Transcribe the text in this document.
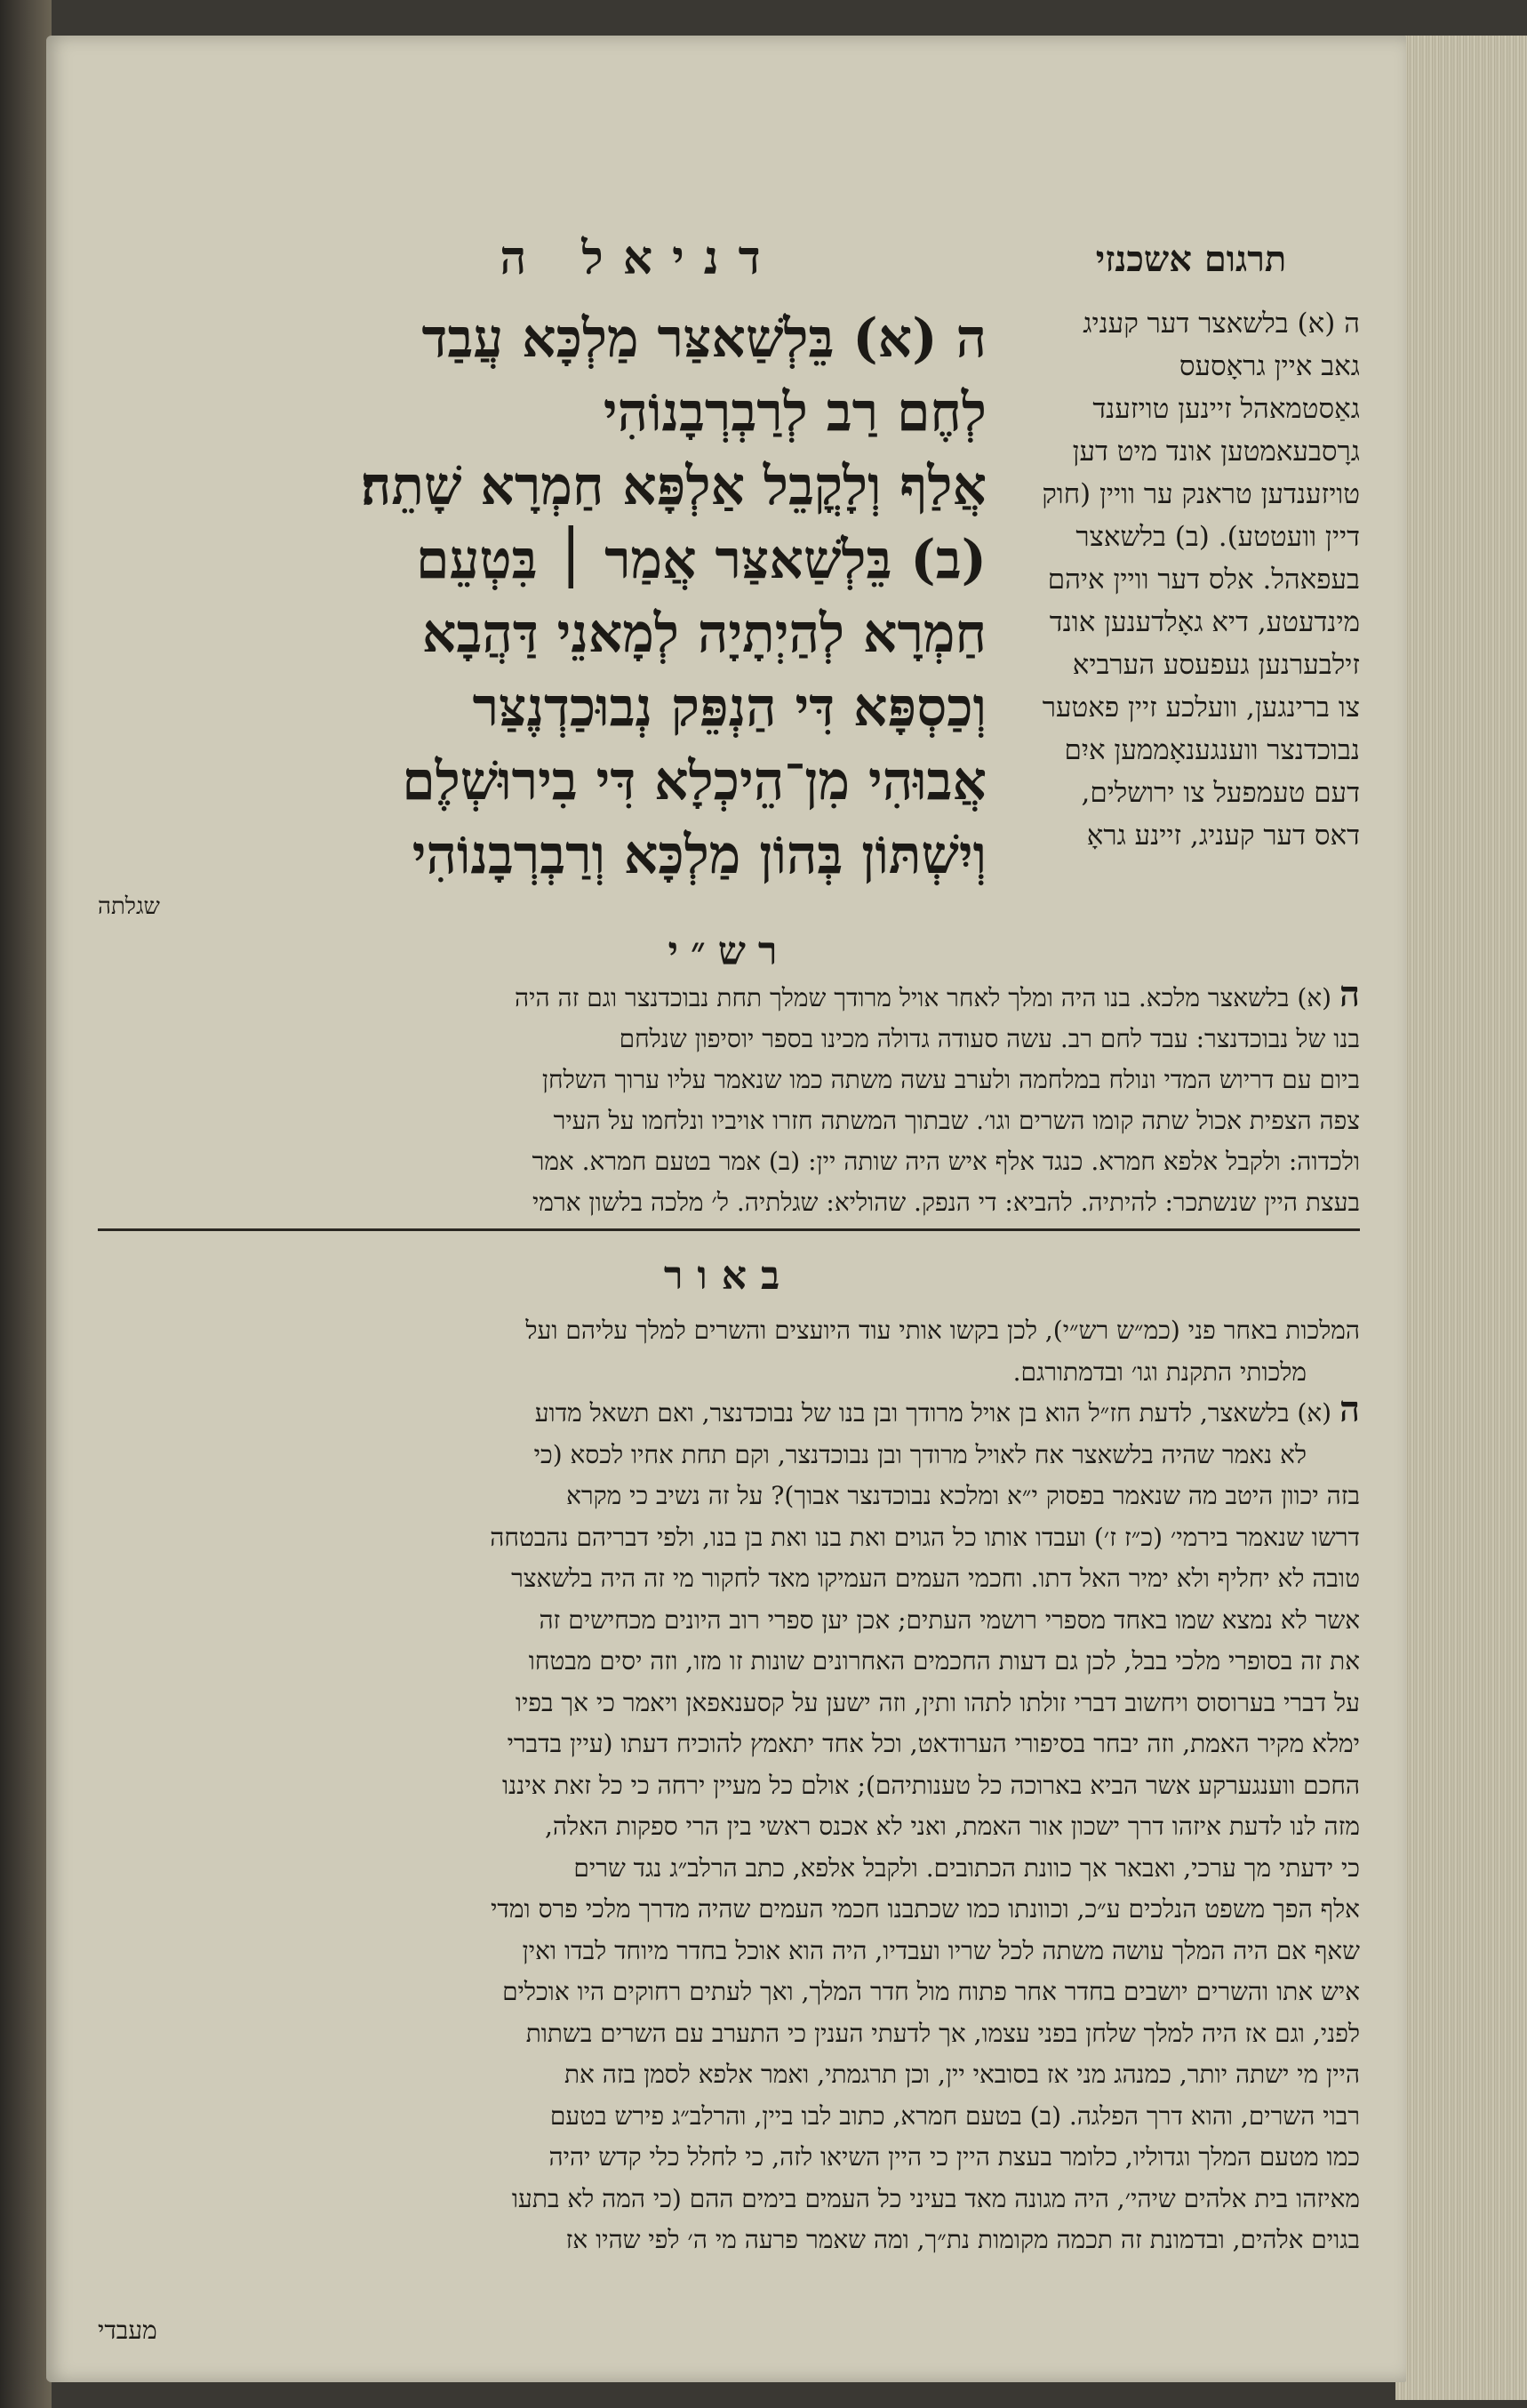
דניאל ה	תרגום אשכנזי
ה (א) בֵּלְשַׁאצַּר מַלְכָּא עֲבַד
לְחֶם רַב לְרַבְרְבָנוֹהִי
אֲלַף וְלָקֳבֵל אַלְפָּא חַמְרָא שָׁתֵה׃
(ב) בֵּלְשַׁאצַּר אֲמַר ׀ בִּטְעֵם
חַמְרָא לְהַיְתָיָה לְמָאנֵי דַּהֲבָא
וְכַסְפָּא דִּי הַנְפֵּק נְבוּכַדְנֶצַּר
אֲבוּהִי מִן־הֵיכְלָא דִּי בִירוּשְׁלֶם
וְיִשְׁתּוֹן בְּהוֹן מַלְכָּא וְרַבְרְבָנוֹהִי
שגלתה
ה (א) בלשאצר דער קעניג
גאב איין גראָסעס
גאַסטמאהל זיינען טויזענד
גרָסבעאמטען אונד מיט דען
טויזענדען טראנק ער וויין (חוק
דיין וועטטע). (ב) בלשאצר
בעפאהל. אלס דער וויין איהם
מינדעטע, דיא גאָלדענען אונד
זילבערנען געפעסע הערביא
צו ברינגען, וועלכע זיין פאטער
נבוכדנצר ווענגענאָממען איִם
דעם טעמפעל צו ירושלים,
דאס דער קעניג, זיינע גראָ
רש״י
ה (א) בלשאצר מלכא. בנו היה ומלך לאחר אויל מרודך שמלך תחת נבוכדנצר וגם זה היה
בנו של נבוכדנצר: עבד לחם רב. עשה סעודה גדולה מכינו בספר יוסיפון שנלחם
ביום עם דריוש המדי ונולח במלחמה ולערב עשה משתה כמו שנאמר עליו ערוך השלחן
צפה הצפית אכול שתה קומו השרים וגו׳. שבתוך המשתה חזרו אויביו ונלחמו על העיר
ולכדוה: ולקבל אלפא חמרא. כנגד אלף איש היה שותה יין: (ב) אמר בטעם חמרא. אמר
בעצת היין שנשתכר: להיתיה. להביא: די הנפק. שהוליא: שגלתיה. ל׳ מלכה בלשון ארמי
באור
המלכות באחר פני (כמ״ש רש״י), לכן בקשו אותי עוד היועצים והשרים למלך עליהם ועל
מלכותי התקנת וגו׳ ובדמתורגם.
ה (א) בלשאצר, לדעת חז״ל הוא בן אויל מרודך ובן בנו של נבוכדנצר, ואם תשאל מדוע
לא נאמר שהיה בלשאצר אח לאויל מרודך ובן נבוכדנצר, וקם תחת אחיו לכסא (כי
בזה יכוון היטב מה שנאמר בפסוק י״א ומלכא נבוכדנצר אבוך)? על זה נשיב כי מקרא
דרשו שנאמר בירמי׳ (כ״ז ז׳) ועבדו אותו כל הגוים ואת בנו ואת בן בנו, ולפי דבריהם נהבטחה
טובה לא יחליף ולא ימיר האל דתו. וחכמי העמים העמיקו מאד לחקור מי זה היה בלשאצר
אשר לא נמצא שמו באחד מספרי רושמי העתים; אכן יען ספרי רוב היונים מכחישים זה
את זה בסופרי מלכי בבל, לכן גם דעות החכמים האחרונים שונות זו מזו, וזה יסים מבטחו
על דברי בערוסוס ויחשוב דברי זולתו לתהו ותין, וזה ישען על קסענאפאן ויאמר כי אך בפיו
ימלא מקיר האמת, וזה יבחר בסיפורי הערודאט, וכל אחד יתאמץ להוכיח דעתו (עיין בדברי
החכם ווענגערקע אשר הביא בארוכה כל טענותיהם); אולם כל מעיין ירחה כי כל זאת איננו
מזה לנו לדעת איזהו דרך ישכון אור האמת, ואני לא אכנס ראשי בין הרי ספקות האלה,
כי ידעתי מך ערכי, ואבאר אך כוונת הכתובים. ולקבל אלפא, כתב הרלב״ג נגד שרים
אלף הפך משפט הנלכים ע״כ, וכוונתו כמו שכתבנו חכמי העמים שהיה מדרך מלכי פרס ומדי
שאף אם היה המלך עושה משתה לכל שריו ועבדיו, היה הוא אוכל בחדר מיוחד לבדו ואין
איש אתו והשרים יושבים בחדר אחר פתוח מול חדר המלך, ואך לעתים רחוקים היו אוכלים
לפני, וגם אז היה למלך שלחן בפני עצמו, אך לדעתי הענין כי התערב עם השרים בשתות
היין מי ישתה יותר, כמנהג מני אז בסובאי יין, וכן תרגמתי, ואמר אלפא לסמן בזה את
רבוי השרים, והוא דרך הפלגה. (ב) בטעם חמרא, כתוב לבו ביין, והרלב״ג פירש בטעם
כמו מטעם המלך וגדוליו, כלומר בעצת היין כי היין השיאו לזה, כי לחלל כלי קדש יהיה
מאיזהו בית אלהים שיהי׳, היה מגונה מאד בעיני כל העמים בימים ההם (כי המה לא בתעו
בגוים אלהים, ובדמונת זה תכמה מקומות נת״ך, ומה שאמר פרעה מי ה׳ לפי שהיו אז
מעבדי
